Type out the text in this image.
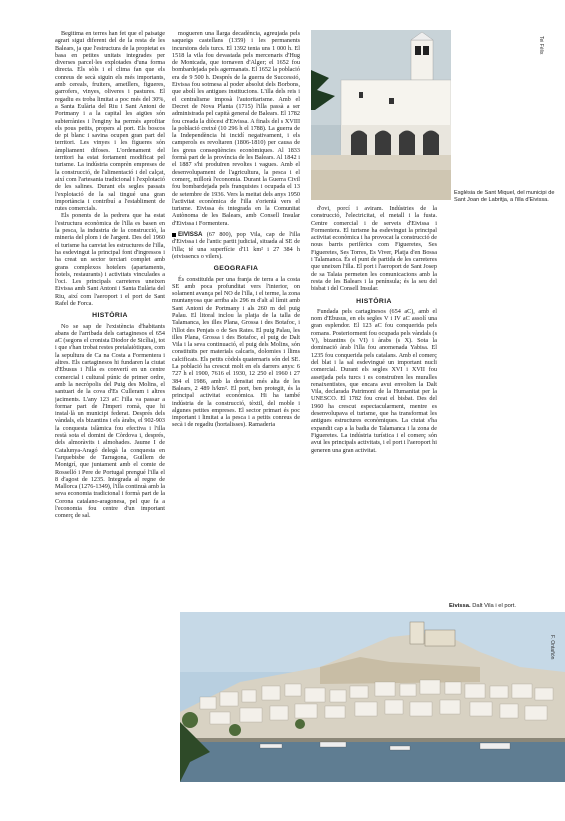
Begitima en terres han fet que el paisatge agrari sigui diferent del de la resta de les Balears, ja que l'estructura de la propietat es basa en petites unitats integrades per diverses parcel·les explotades d'una forma directa. Els sòls i el clima fan que els conreus de secà siguin els més importants, amb cereals, fruiters, ametllers, figueres, garrofers, vinyes, oliveres i pastures. El regadiu es troba limitat a poc més del 30%, a Santa Eulària del Riu i Sant Antoni de Portmany i a la capital les aigües són subterrànies i l'enginy ha permès aprofitar els pous petits, propers al port. Els boscos de pi blanc i savina ocupen gran part del territori. Les vinyes i les figueres són àmpliament difoses. L'ordenament del territori ha estat fortament modificat pel turisme. La indústria comprèn empreses de la construcció, de l'alimentació i del calçat, així com l'artesania tradicional i l'explotació de les salines. Durant els segles passats l'explotació de la sal tingué una gran importància i contribuí a l'establiment de rutes comercials.

Els ponents de la pedrera que ha estat l'estructura econòmica de l'illa es basen en la pesca, la industria de la construcció, la mineria del plom i de l'argent. Des del 1960 el turisme ha canviat les estructures de l'illa, ha esdevingut la principal font d'ingressos i ha creat un sector terciari complet amb grans complexos hotelers (apartaments, hotels, restaurants) i activitats vinculades a l'oci. Les principals carreteres uneixen Eivissa amb Sant Antoni i Santa Eulària del Riu, així com l'aeroport i el port de Sant Rafel de Forca.

HISTÒRIA

No se sap de l'existència d'habitants abans de l'arribada dels cartaginesos el 654 aC (segons el cronista Diodor de Sicília), tot i que s'han trobat restes pretalaiòtiques, com la sepultura de Ca na Costa a Formentera i altres. Els cartaginesos hi fundaren la ciutat d'Ebusus i l'illa es convertí en un centre comercial i cultural púnic de primer ordre, amb la necròpolis del Puig des Molins, el santuari de la cova d'Es Culleram i altres jaciments. L'any 123 aC l'illa va passar a formar part de l'Imperi romà, que hi instal·là un municipi federat. Després dels vàndals, els bizantins i els àrabs, el 902-903 la conquesta islàmica fou efectiva i l'illa restà sota el domini de Còrdova i, després, dels almoràvits i almohades. Jaume I de Catalunya-Aragó delegà la conquesta en l'arquebisbe de Tarragona, Guillem de Montgrí, que juntament amb el comte de Rosselló i Pere de Portugal prengué l'illa el 8 d'agost de 1235. Integrada al regne de Mallorca (1276-1349), l'illa continuà amb la seva economia tradicional i formà part de la Corona catalano-aragonesa, pel que fa a l'economia fou centre d'un important comerç de sal.

mogueren una llarga decadència, agreujada pels saqueigs castellans (1359) i les permanents incursions dels turcs. El 1392 tenia uns 1 000 h. El 1518 la vila fou devastada pels mercenaris d'Hug de Montcada, que tornaven d'Alger; el 1652 fou bombardejada pels agermanats. El 1652 la població era de 9 500 h. Després de la guerra de Successió, Eivissa fou sotmesa al poder absolut dels Borbons, que abolí les antigues institucions. L'illa dels reis i el centralisme imposà l'autoritarisme. Amb el Decret de Nova Planta (1715) l'illa passà a ser administrada pel capità general de Balears. El 1782 fou creada la diòcesi d'Eivissa. A finals del s XVIII la població creixé (10 296 h el 1788). La guerra de la Independència hi incidí negativament, i els camperols es revoltaren (1806-1810) per causa de les greus conseqüències econòmiques. Al 1833 formà part de la província de les Balears. Al 1842 i el 1887 s'hi produïren revoltes i vagues. Amb el desenvolupament de l'agricultura, la pesca i el comerç, millorà l'economia. Durant la Guerra Civil fou bombardejada pels franquistes i ocupada el 13 de setembre de 1936. Vers la meitat dels anys 1950 l'activitat econòmica de l'illa s'orientà vers el turisme. Eivissa és integrada en la Comunitat Autònoma de les Balears, amb Consell Insular d'Eivissa i Formentera.

EIVISSA (67 800), pop Vila, cap de l'illa d'Eivissa i de l'antic partit judicial, situada al SE de l'illa; té una superfície d'11 km² i 27 384 h (eivissencs o vilers).

GEOGRAFIA

És constituïda per una franja de terra a la costa SE amb poca profunditat vers l'interior, on solament avança pel NO de l'illa, i el terme, la zona muntanyosa que arriba als 296 m d'alt al límit amb Sant Antoni de Portmany i als 260 m del puig Palau. El litoral inclou la platja de la talla de Talamanca, les illes Plana, Grossa i des Botafoc, i l'illot des Penjats o de Ses Rates. El puig Palau, les illes Plana, Grossa i des Botafoc, el puig de Dalt Vila i la seva continuació, el puig dels Molins, són constituïts per materials calcaris, dolomies i llims calcificats. Els petits còdols quaternaris són del SE. La població ha crescut molt en els darrers anys: 6 727 h el 1900, 7616 el 1930, 12 250 el 1960 i 27 384 el 1986, amb la densitat més alta de les Balears, 2 489 h/km². El port, ben protegit, és la principal activitat econòmica. Hi ha també indústria de la construcció, tèxtil, del moble i algunes petites empreses. El sector primari és poc important i limitat a la pesca i a petits conreus de secà i de regadiu (hortalisses). Ramaderia

Església de Sant Miquel, del municipi de Sant Joan de Labritja, a l'illa d'Eivissa.
Tei Félix

d'ovi, porcí i aviram. Indústries de la construcció, l'electricitat, el metall i la fusta. Centre comercial i de serveis d'Eivissa i Formentera. El turisme ha esdevingut la principal activitat econòmica i ha provocat la construcció de nous barris perifèrics com Figueretes, Ses Figueretes, Ses Torres, Es Viver, Platja d'en Bossa i Talamanca. És el punt de partida de les carreteres que uneixen l'illa. El port i l'aeroport de Sant Josep de sa Talaia permeten les comunicacions amb la resta de les Balears i la península; és la seu del bisbat i del Consell Insular.

HISTÒRIA

Fundada pels cartaginesos (654 aC), amb el nom d'Ebusus, en els segles V i IV aC assolí una gran esplendor. El 123 aC fou conquerida pels romans. Posteriorment fou ocupada pels vàndals (s V), bizantins (s VI) i àrabs (s X). Sota la dominació àrab l'illa fou anomenada Yabisa. El 1235 fou conquerida pels catalans. Amb el comerç del blat i la sal esdevingué un important nucli comercial. Durant els segles XVI i XVII fou assetjada pels turcs i es construïren les muralles renaixentistes, que encara avui envolten la Dalt Vila, declarada Patrimoni de la Humanitat per la UNESCO. El 1782 fou creat el bisbat. Des del 1960 ha crescut espectacularment, mentre es desenvolupava el turisme, que ha transformat les antigues estructures econòmiques. La ciutat s'ha expandit cap a la badia de Talamanca i la zona de Figueretes. La indústria turística i el comerç són avui les principals activitats, i el port i l'aeroport hi generen una gran activitat.

Eivissa. Dalt Vila i el port.
F. Ontañón
